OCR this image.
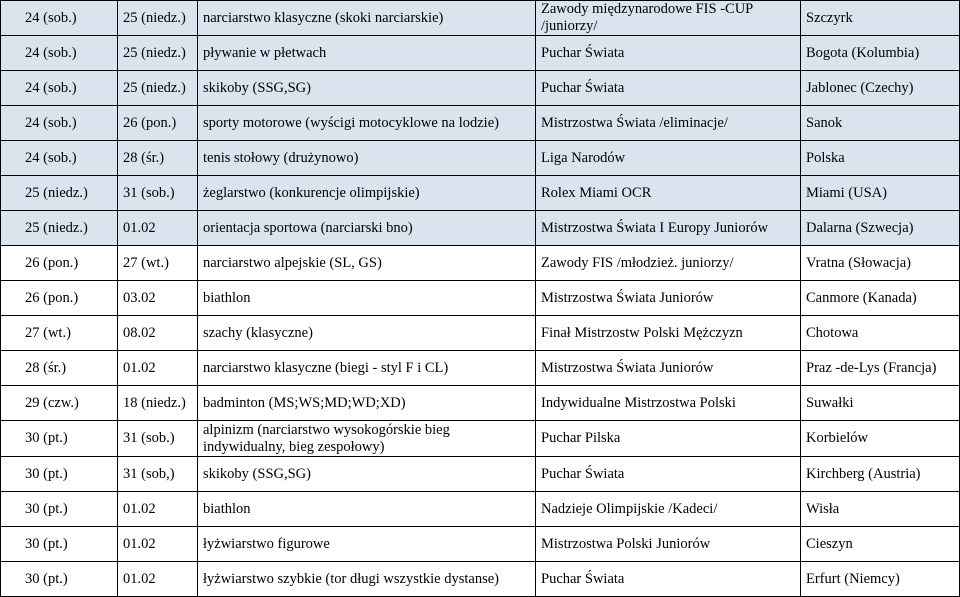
24 (sob.)	25 (niedz.)	narciarstwo klasyczne (skoki narciarskie)	Zawody międzynarodowe FIS -CUP /juniorzy/	Szczyrk
24 (sob.)	25 (niedz.)	pływanie w płetwach	Puchar Świata	Bogota (Kolumbia)
24 (sob.)	25 (niedz.)	skikoby (SSG,SG)	Puchar Świata	Jablonec (Czechy)
24 (sob.)	26 (pon.)	sporty motorowe (wyścigi motocyklowe na lodzie)	Mistrzostwa Świata /eliminacje/	Sanok
24 (sob.)	28 (śr.)	tenis stołowy (drużynowo)	Liga Narodów	Polska
25 (niedz.)	31 (sob.)	żeglarstwo (konkurencje olimpijskie)	Rolex Miami OCR	Miami (USA)
25 (niedz.)	01.02	orientacja sportowa (narciarski bno)	Mistrzostwa Świata I Europy Juniorów	Dalarna (Szwecja)
26 (pon.)	27 (wt.)	narciarstwo alpejskie (SL, GS)	Zawody FIS /młodzież. juniorzy/	Vratna (Słowacja)
26 (pon.)	03.02	biathlon	Mistrzostwa Świata Juniorów	Canmore (Kanada)
27 (wt.)	08.02	szachy (klasyczne)	Finał Mistrzostw Polski Mężczyzn	Chotowa
28 (śr.)	01.02	narciarstwo klasyczne (biegi - styl F i CL)	Mistrzostwa Świata Juniorów	Praz -de-Lys (Francja)
29 (czw.)	18 (niedz.)	badminton (MS;WS;MD;WD;XD)	Indywidualne Mistrzostwa Polski	Suwałki
30 (pt.)	31 (sob.)	alpinizm (narciarstwo wysokogórskie bieg indywidualny, bieg zespołowy)	Puchar Pilska	Korbielów
30 (pt.)	31 (sob,)	skikoby (SSG,SG)	Puchar Świata	Kirchberg (Austria)
30 (pt.)	01.02	biathlon	Nadzieje Olimpijskie /Kadeci/	Wisła
30 (pt.)	01.02	łyżwiarstwo figurowe	Mistrzostwa Polski Juniorów	Cieszyn
30 (pt.)	01.02	łyżwiarstwo szybkie (tor długi wszystkie dystanse)	Puchar Świata	Erfurt (Niemcy)
